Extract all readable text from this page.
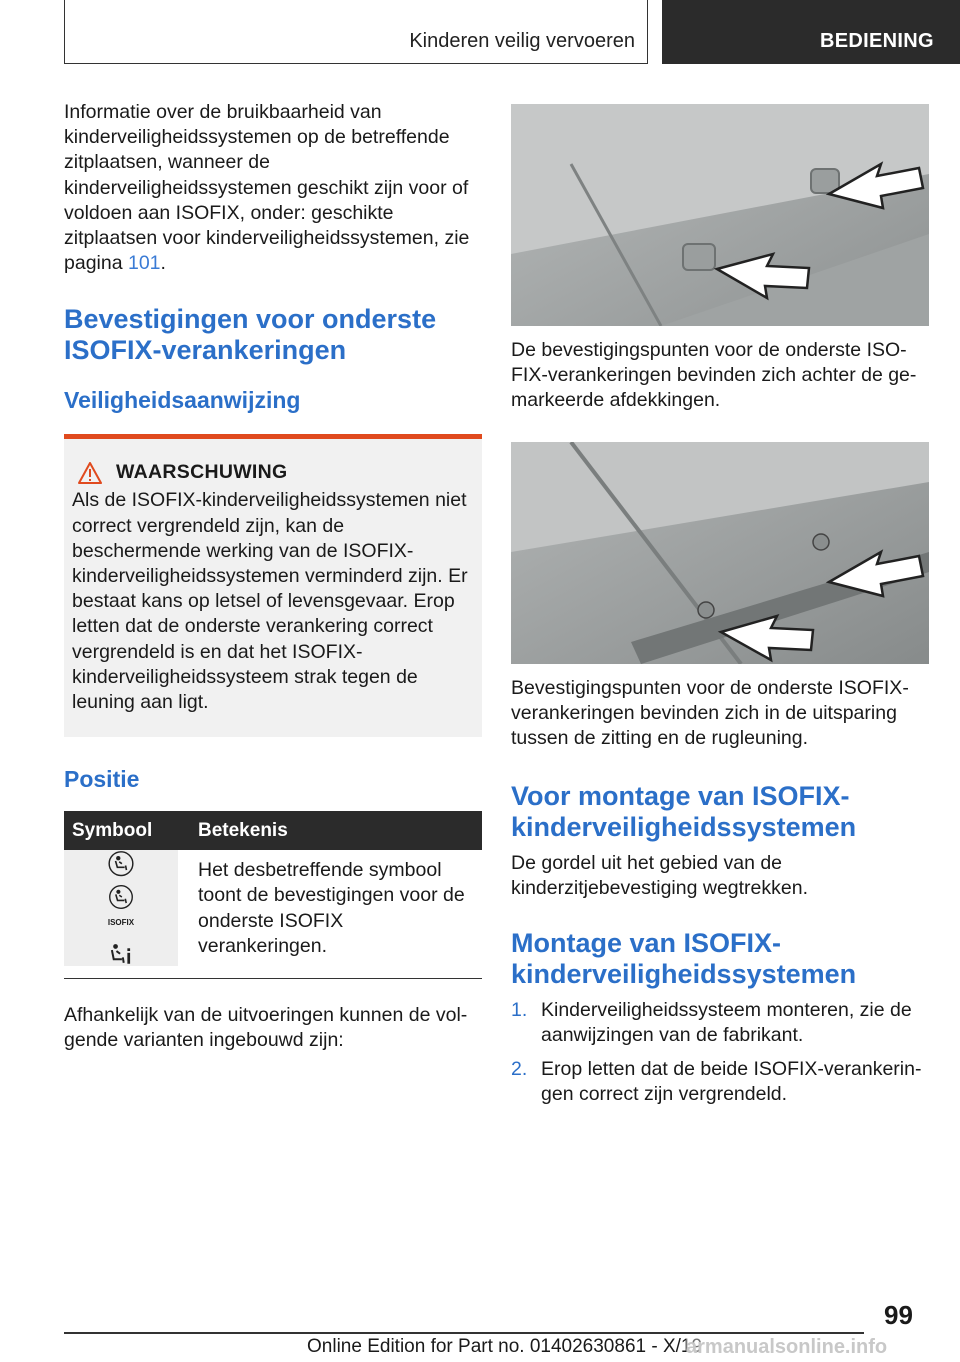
Kinderen veilig vervoeren	BEDIENING

Informatie over de bruikbaarheid van kinderveiligheidssystemen op de betreffende zitplaatsen, wanneer de kinderveiligheidssystemen geschikt zijn voor of voldoen aan ISOFIX, onder: geschikte zitplaatsen voor kinderveiligheidssystemen, zie pagina 101.

Bevestigingen voor onderste ISOFIX-verankeringen
Veiligheidsaanwijzing
WAARSCHUWING

Als de ISOFIX-kinderveiligheidssystemen niet correct vergrendeld zijn, kan de beschermende werking van de ISOFIX-kinderveiligheidssystemen verminderd zijn. Er bestaat kans op letsel of levensgevaar. Erop letten dat de onderste verankering correct vergrendeld is en dat het ISOFIX-kinderveiligheidssysteem strak tegen de leuning aan ligt.

Positie
Symbool	Betekenis

ISOFIX	Het desbetreffende symbool toont de bevestigingen voor de onderste ISOFIX verankeringen.

Afhankelijk van de uitvoeringen kunnen de volgende varianten ingebouwd zijn:

De bevestigingspunten voor de onderste ISOFIX-verankeringen bevinden zich achter de gemarkeerde afdekkingen.

Bevestigingspunten voor de onderste ISOFIX-verankeringen bevinden zich in de uitsparing tussen de zitting en de rugleuning.

Voor montage van ISOFIX-kinderveiligheidssystemen

De gordel uit het gebied van de kinderzitjebevestiging wegtrekken.

Montage van ISOFIX-kinderveiligheidssystemen
1. Kinderveiligheidssysteem monteren, zie de aanwijzingen van de fabrikant.
2. Erop letten dat de beide ISOFIX-verankeringen correct zijn vergrendeld.
99
Online Edition for Part no. 01402630861 - X/19
armanualsonline.info
